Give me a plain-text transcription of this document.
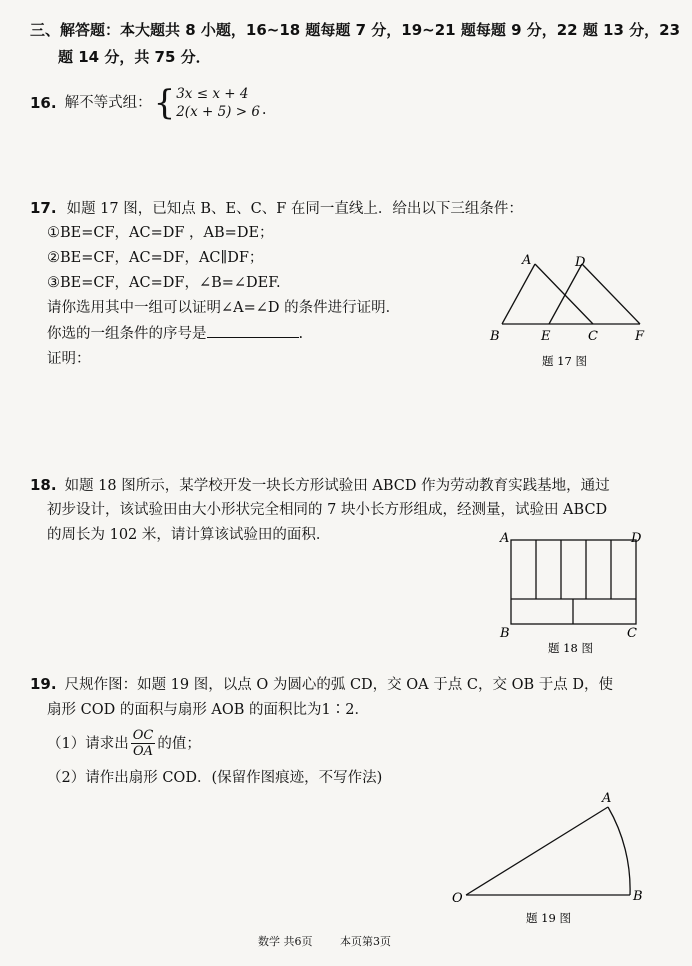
三、解答题：本大题共 8 小题，16~18 题每题 7 分，19~21 题每题 9 分，22 题 13 分，23
题 14 分，共 75 分．
16. 解不等式组： { 3x ≤ x + 4
2(x + 5) > 6 .
17. 如题 17 图，已知点 B、E、C、F 在同一直线上．给出以下三组条件：
①BE=CF，AC=DF ，AB=DE；
②BE=CF，AC=DF，AC∥DF；
③BE=CF，AC=DF，∠B=∠DEF.
请你选用其中一组可以证明∠A=∠D 的条件进行证明．
你选的一组条件的序号是	.
证明：
A	D
B	E	C	F
题 17 图
18. 如题 18 图所示，某学校开发一块长方形试验田 ABCD 作为劳动教育实践基地，通过
初步设计，该试验田由大小形状完全相同的 7 块小长方形组成，经测量，试验田 ABCD
的周长为 102 米，请计算该试验田的面积．	A	D
B	C
题 18 图
19. 尺规作图：如题 19 图，以点 O 为圆心的弧 CD，交 OA 于点 C，交 OB 于点 D，使
扇形 COD 的面积与扇形 AOB 的面积比为1∶2．
（1）请求出 $\frac{OC}{OA}$ 的值；
（2）请作出扇形 COD．(保留作图痕迹，不写作法)
A
O	B
题 19 图
数学 共6页	本页第3页
